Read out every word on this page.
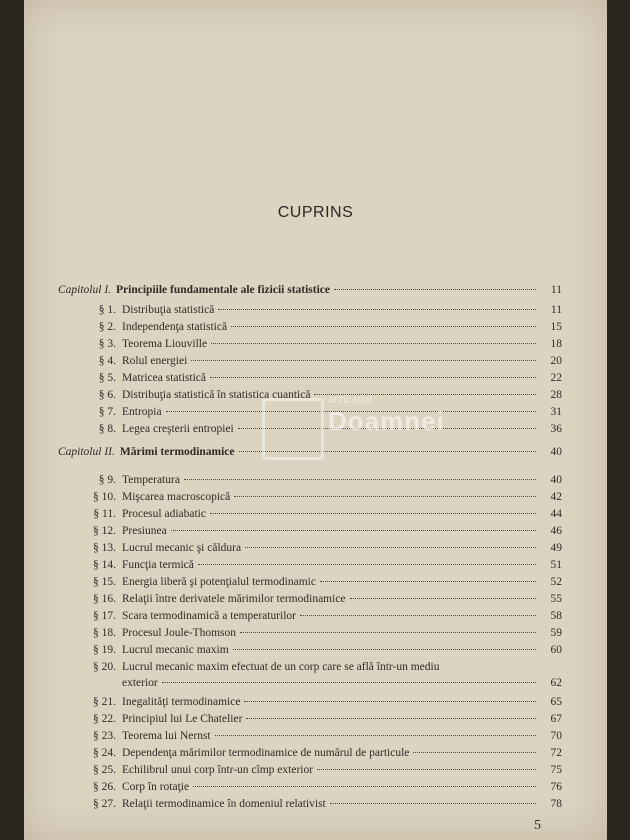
CUPRINS
Capitolul I. Principiile fundamentale ale fizicii statistice	11
§ 1. Distribuţia statistică	11
§ 2. Independenţa statistică	15
§ 3. Teorema Liouville	18
§ 4. Rolul energiei	20
§ 5. Matricea statistică	22
§ 6. Distribuţia statistică în statistica cuantică	28
§ 7. Entropia	31
§ 8. Legea creşterii entropiei	36
Capitolul II. Mărimi termodinamice	40
§ 9. Temperatura	40
§ 10. Mişcarea macroscopică	42
§ 11. Procesul adiabatic	44
§ 12. Presiunea	46
§ 13. Lucrul mecanic şi căldura	49
§ 14. Funcţia termică	51
§ 15. Energia liberă şi potenţialul termodinamic	52
§ 16. Relaţii între derivatele mărimilor termodinamice	55
§ 17. Scara termodinamică a temperaturilor	58
§ 18. Procesul Joule-Thomson	59
§ 19. Lucrul mecanic maxim	60
§ 20. Lucrul mecanic maxim efectuat de un corp care se află într-un mediu
exterior	62
§ 21. Inegalităţi termodinamice	65
§ 22. Principiul lui Le Chatelier	67
§ 23. Teorema lui Nernst	70
§ 24. Dependenţa mărimilor termodinamice de numărul de particule	72
§ 25. Echilibrul unui corp într-un cîmp exterior	75
§ 26. Corp în rotaţie	76
§ 27. Relaţii termodinamice în domeniul relativist	78
5
anticariat
Doamnei
